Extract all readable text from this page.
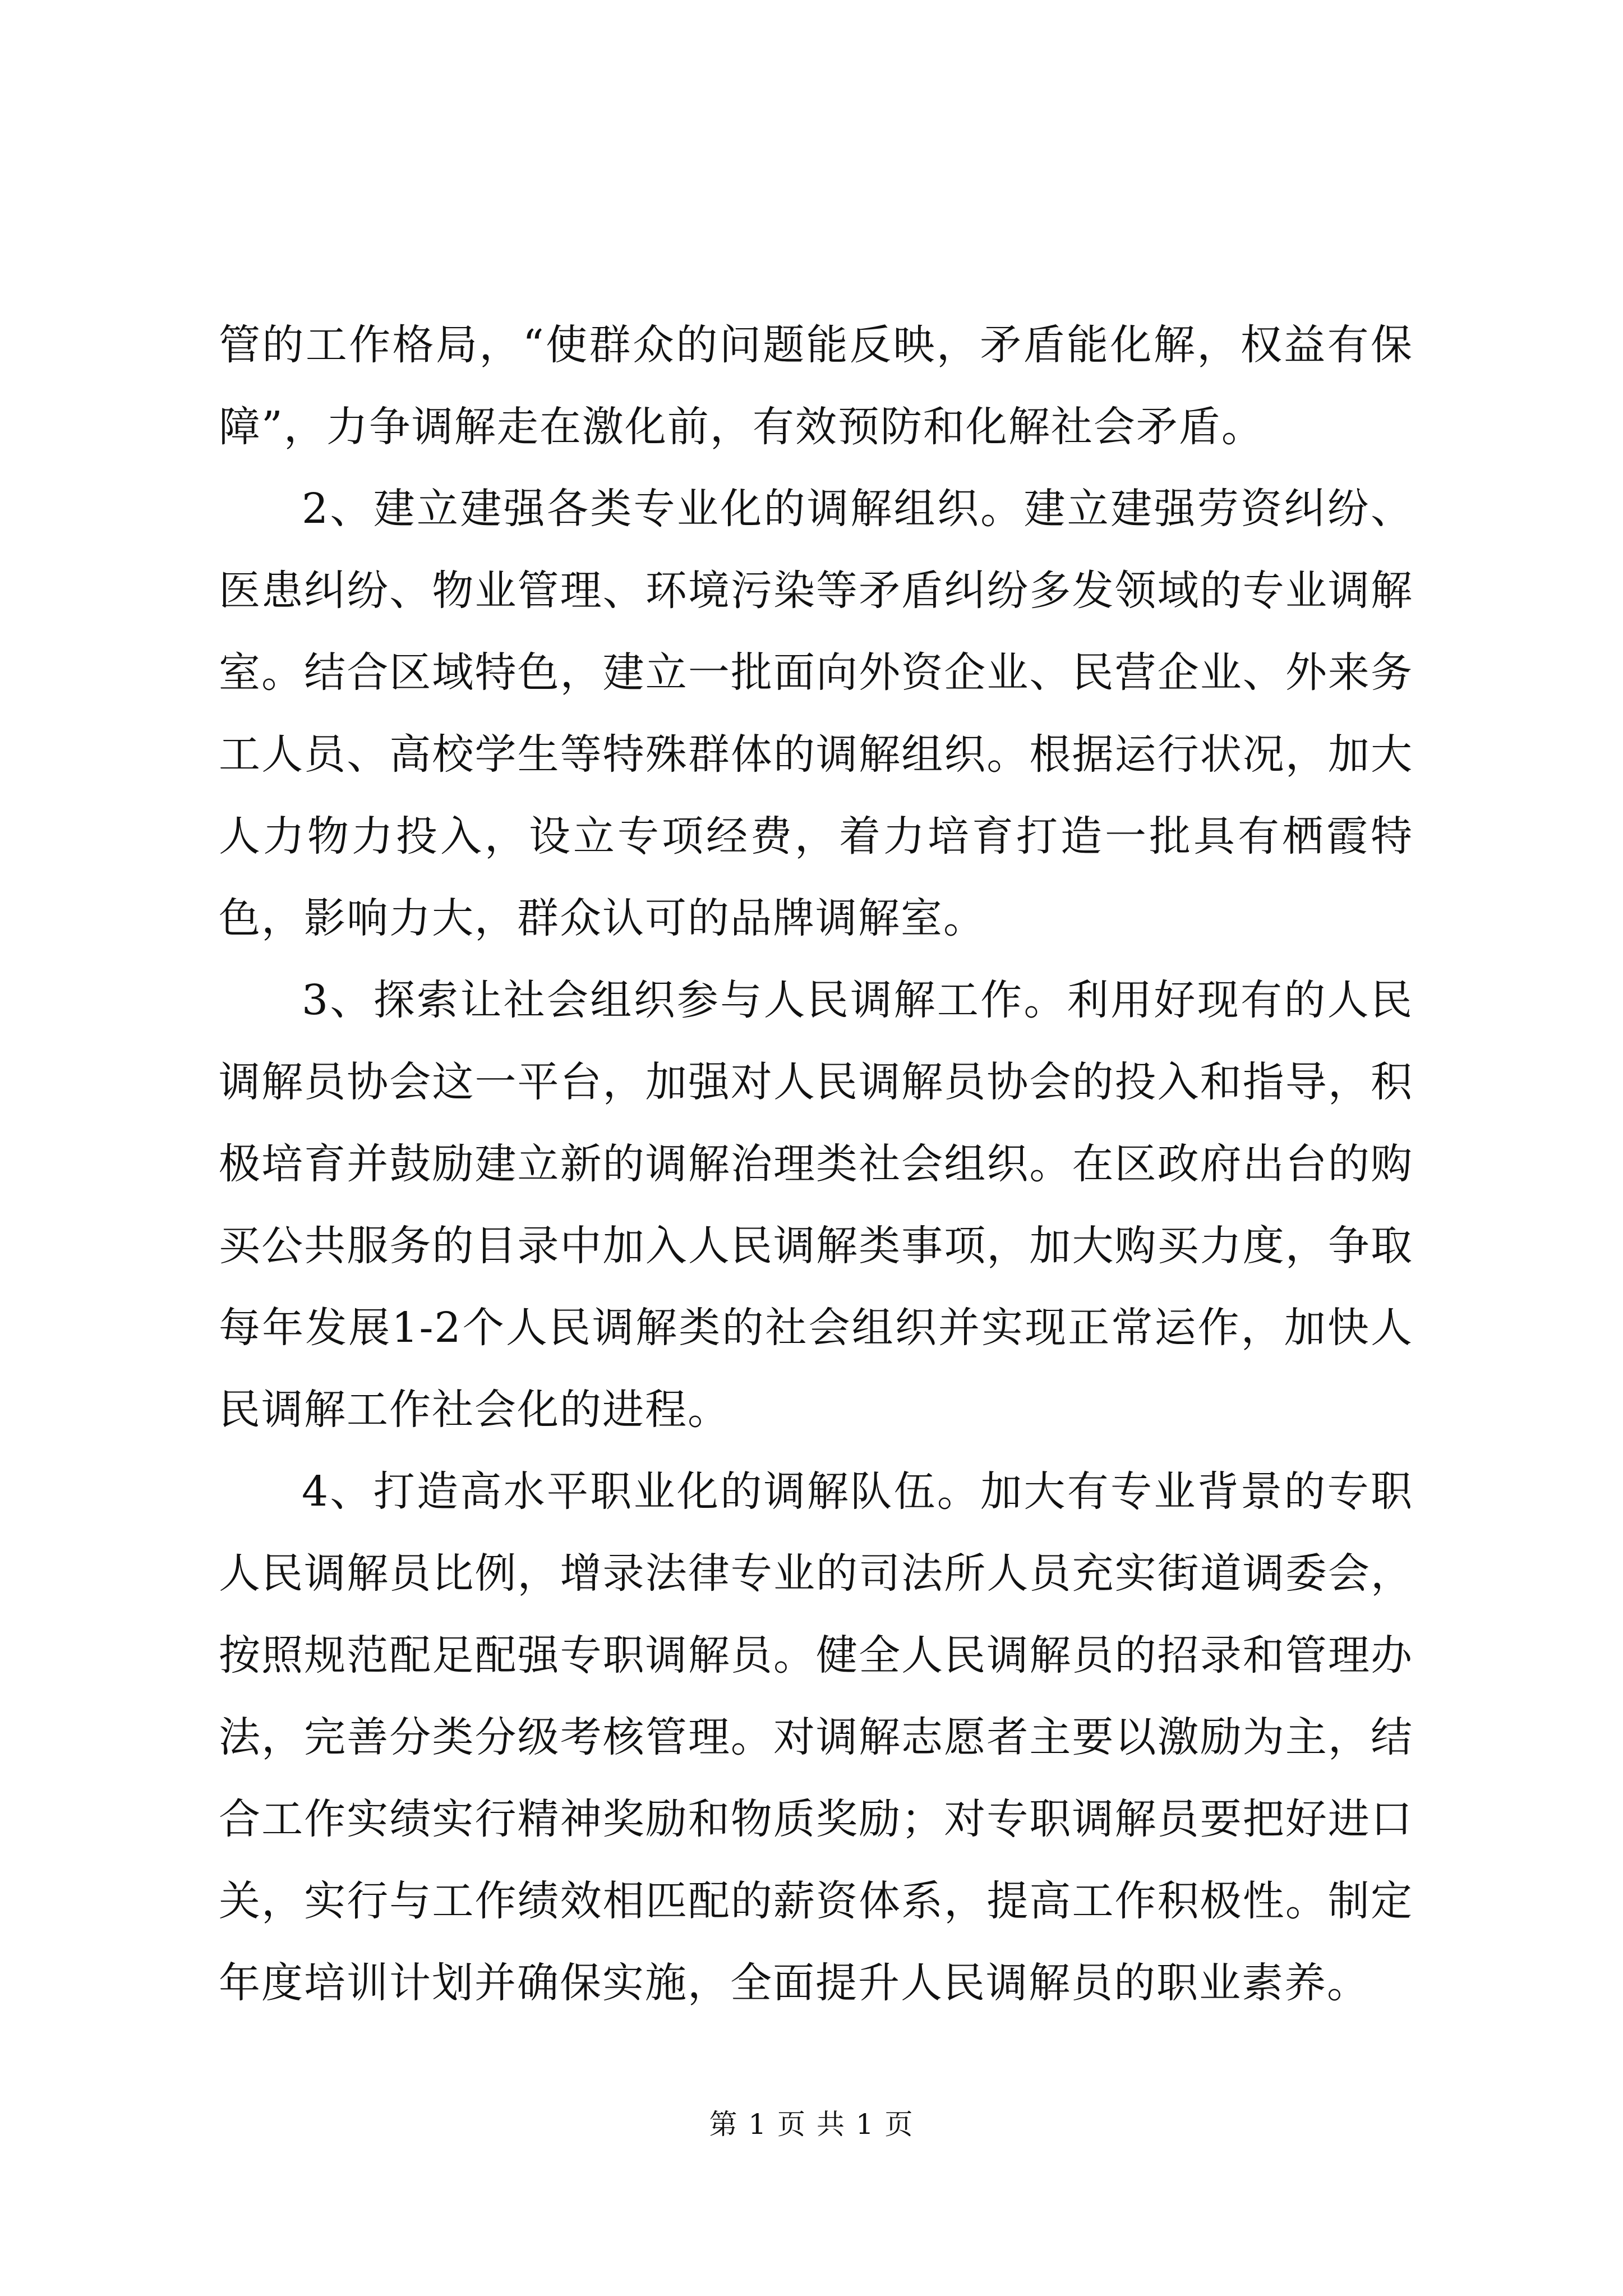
管的工作格局，“使群众的问题能反映，矛盾能化解，权益有保障”，力争调解走在激化前，有效预防和化解社会矛盾。

2、建立建强各类专业化的调解组织。建立建强劳资纠纷、医患纠纷、物业管理、环境污染等矛盾纠纷多发领域的专业调解室。结合区域特色，建立一批面向外资企业、民营企业、外来务工人员、高校学生等特殊群体的调解组织。根据运行状况，加大人力物力投入，设立专项经费，着力培育打造一批具有栖霞特色，影响力大，群众认可的品牌调解室。

3、探索让社会组织参与人民调解工作。利用好现有的人民调解员协会这一平台，加强对人民调解员协会的投入和指导，积极培育并鼓励建立新的调解治理类社会组织。在区政府出台的购买公共服务的目录中加入人民调解类事项，加大购买力度，争取每年发展1-2个人民调解类的社会组织并实现正常运作，加快人民调解工作社会化的进程。

4、打造高水平职业化的调解队伍。加大有专业背景的专职人民调解员比例，增录法律专业的司法所人员充实街道调委会，按照规范配足配强专职调解员。健全人民调解员的招录和管理办法，完善分类分级考核管理。对调解志愿者主要以激励为主，结合工作实绩实行精神奖励和物质奖励；对专职调解员要把好进口关，实行与工作绩效相匹配的薪资体系，提高工作积极性。制定年度培训计划并确保实施，全面提升人民调解员的职业素养。

第 1 页 共 1 页
